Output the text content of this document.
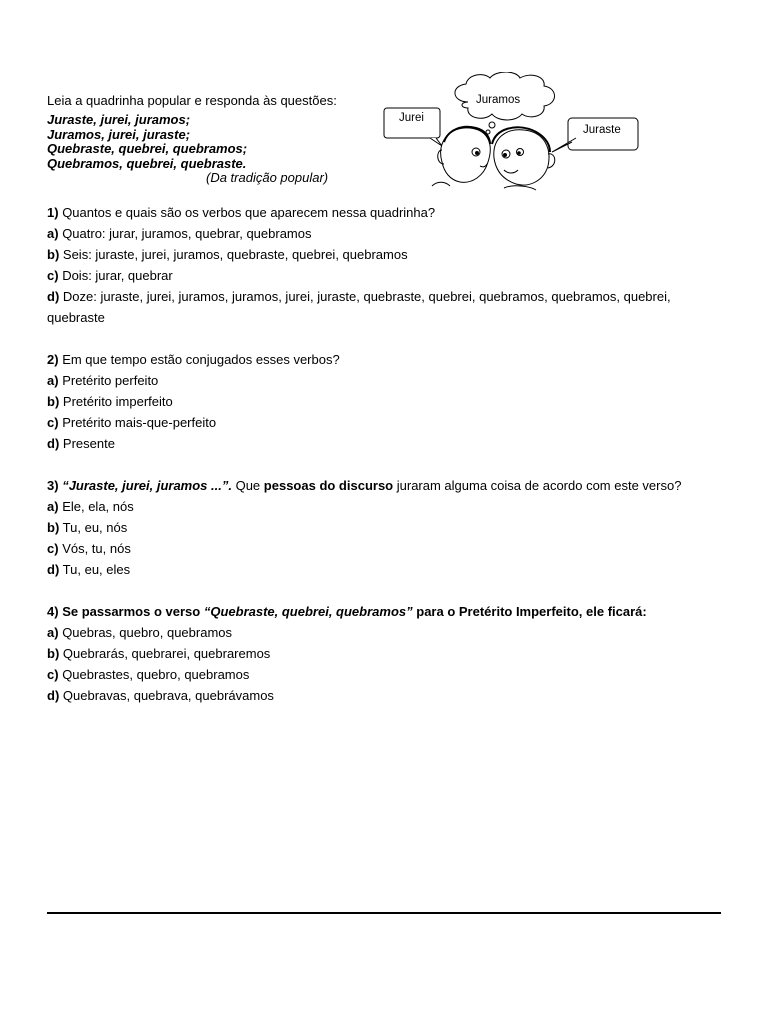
Leia a quadrinha popular e responda às questões:
Juraste, jurei, juramos;
Juramos, jurei, juraste;
Quebraste, quebrei, quebramos;
Quebramos, quebrei, quebraste.
(Da tradição popular)
Jurei
Juramos
Juraste

1) Quantos e quais são os verbos que aparecem nessa quadrinha?

a) Quatro: jurar, juramos, quebrar, quebramos

b) Seis: juraste, jurei, juramos, quebraste, quebrei, quebramos

c) Dois: jurar, quebrar

d) Doze: juraste, jurei, juramos, juramos, jurei, juraste, quebraste, quebrei, quebramos, quebramos, quebrei, quebraste

2) Em que tempo estão conjugados esses verbos?

a) Pretérito perfeito

b) Pretérito imperfeito

c) Pretérito mais-que-perfeito

d) Presente

3) “Juraste, jurei, juramos ...”. Que pessoas do discurso juraram alguma coisa de acordo com este verso?

a) Ele, ela, nós

b) Tu, eu, nós

c) Vós, tu, nós

d) Tu, eu, eles

4) Se passarmos o verso “Quebraste, quebrei, quebramos” para o Pretérito Imperfeito, ele ficará:

a) Quebras, quebro, quebramos

b) Quebrarás, quebrarei, quebraremos

c) Quebrastes, quebro, quebramos

d) Quebravas, quebrava, quebrávamos
